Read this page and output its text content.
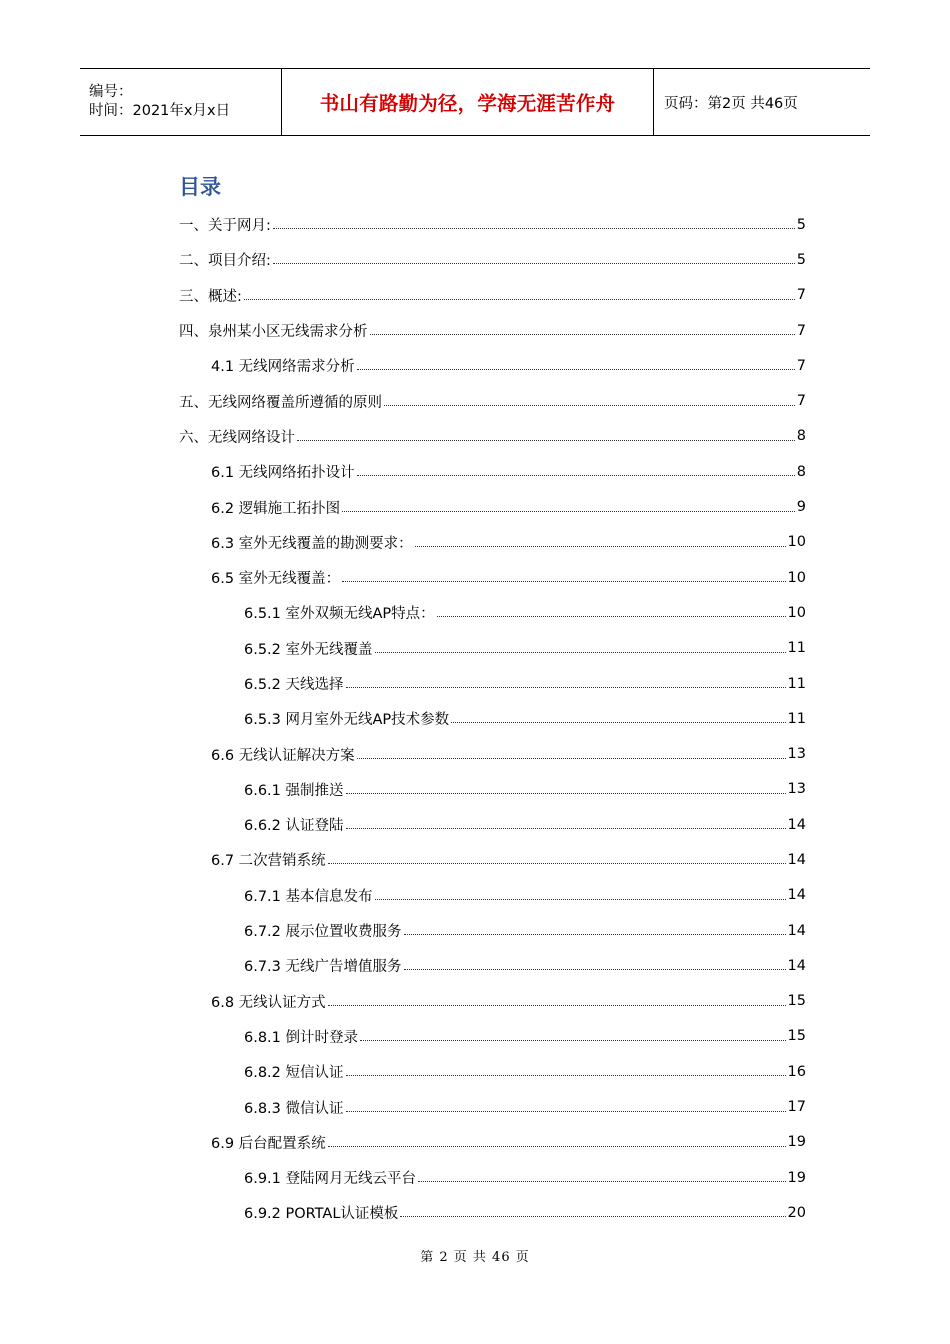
编号：
时间：2021年x月x日	书山有路勤为径，学海无涯苦作舟	页码：第2页 共46页
目录
一、关于网月:	5
二、项目介绍:	5
三、概述:	7
四、泉州某小区无线需求分析	7
4.1 无线网络需求分析	7
五、无线网络覆盖所遵循的原则	7
六、无线网络设计	8
6.1 无线网络拓扑设计	8
6.2 逻辑施工拓扑图	9
6.3 室外无线覆盖的勘测要求：	10
6.5 室外无线覆盖：	10
6.5.1 室外双频无线AP特点：	10
6.5.2 室外无线覆盖	11
6.5.2 天线选择	11
6.5.3 网月室外无线AP技术参数	11
6.6 无线认证解决方案	13
6.6.1 强制推送	13
6.6.2 认证登陆	14
6.7 二次营销系统	14
6.7.1 基本信息发布	14
6.7.2 展示位置收费服务	14
6.7.3 无线广告增值服务	14
6.8 无线认证方式	15
6.8.1 倒计时登录	15
6.8.2 短信认证	16
6.8.3 微信认证	17
6.9 后台配置系统	19
6.9.1 登陆网月无线云平台	19
6.9.2 PORTAL认证模板	20
第 2 页 共 46 页
